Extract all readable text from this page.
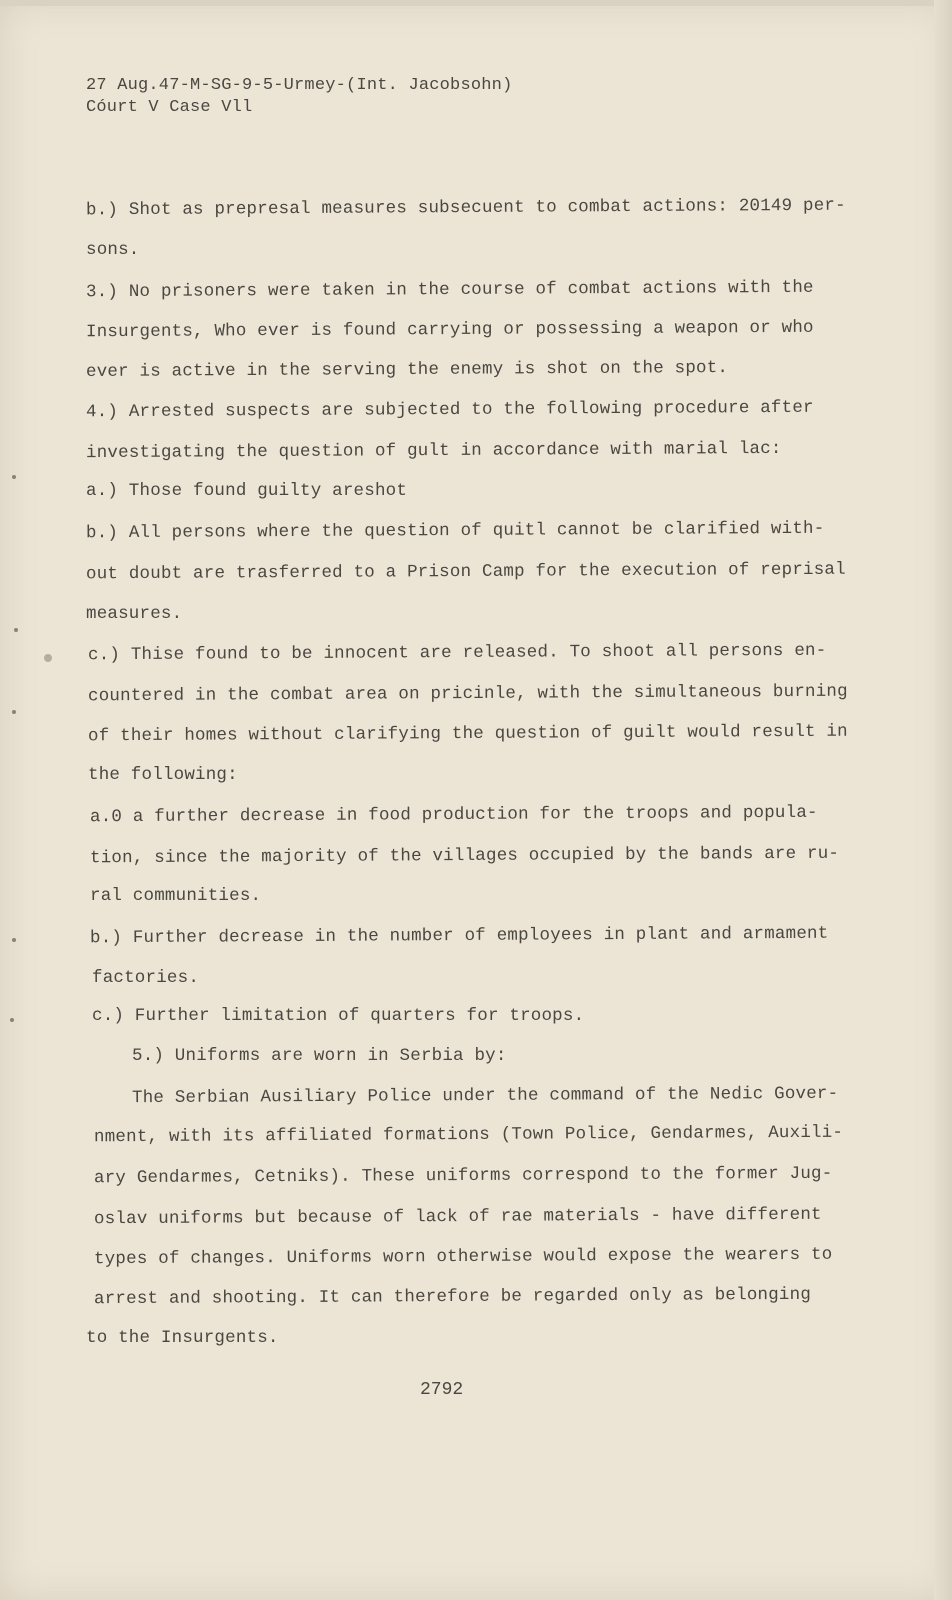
27 Aug.47-M-SG-9-5-Urmey-(Int. Jacobsohn)
Cóurt V Case Vll
b.) Shot as prepresal measures subsecuent to combat actions: 20149 per-
sons.
3.) No prisoners were taken in the course of combat actions with the
Insurgents, Who ever is found carrying or possessing a weapon or who
ever is active in the serving the enemy is shot on the spot.
4.) Arrested suspects are subjected to the following procedure after
investigating the question of gult in accordance with marial lac:
a.) Those found guilty areshot
b.) All persons where the question of quitl cannot be clarified with-
out doubt are trasferred to a Prison Camp for the execution of reprisal
measures.
c.) Thise found to be innocent are released. To shoot all persons en-
countered in the combat area on pricinle, with the simultaneous burning
of their homes without clarifying the question of guilt would result in
the following:
a.0 a further decrease in food production for the troops and popula-
tion, since the majority of the villages occupied by the bands are ru-
ral communities.
b.) Further decrease in the number of employees in plant and armament
factories.
c.) Further limitation of quarters for troops.
5.) Uniforms are worn in Serbia by:
The Serbian Ausiliary Police under the command of the Nedic Gover-
nment, with its affiliated formations (Town Police, Gendarmes, Auxili-
ary Gendarmes, Cetniks). These uniforms correspond to the former Jug-
oslav uniforms but because of lack of rae materials - have different
types of changes. Uniforms worn otherwise would expose the wearers to
arrest and shooting. It can therefore be regarded only as belonging
to the Insurgents.
2792
